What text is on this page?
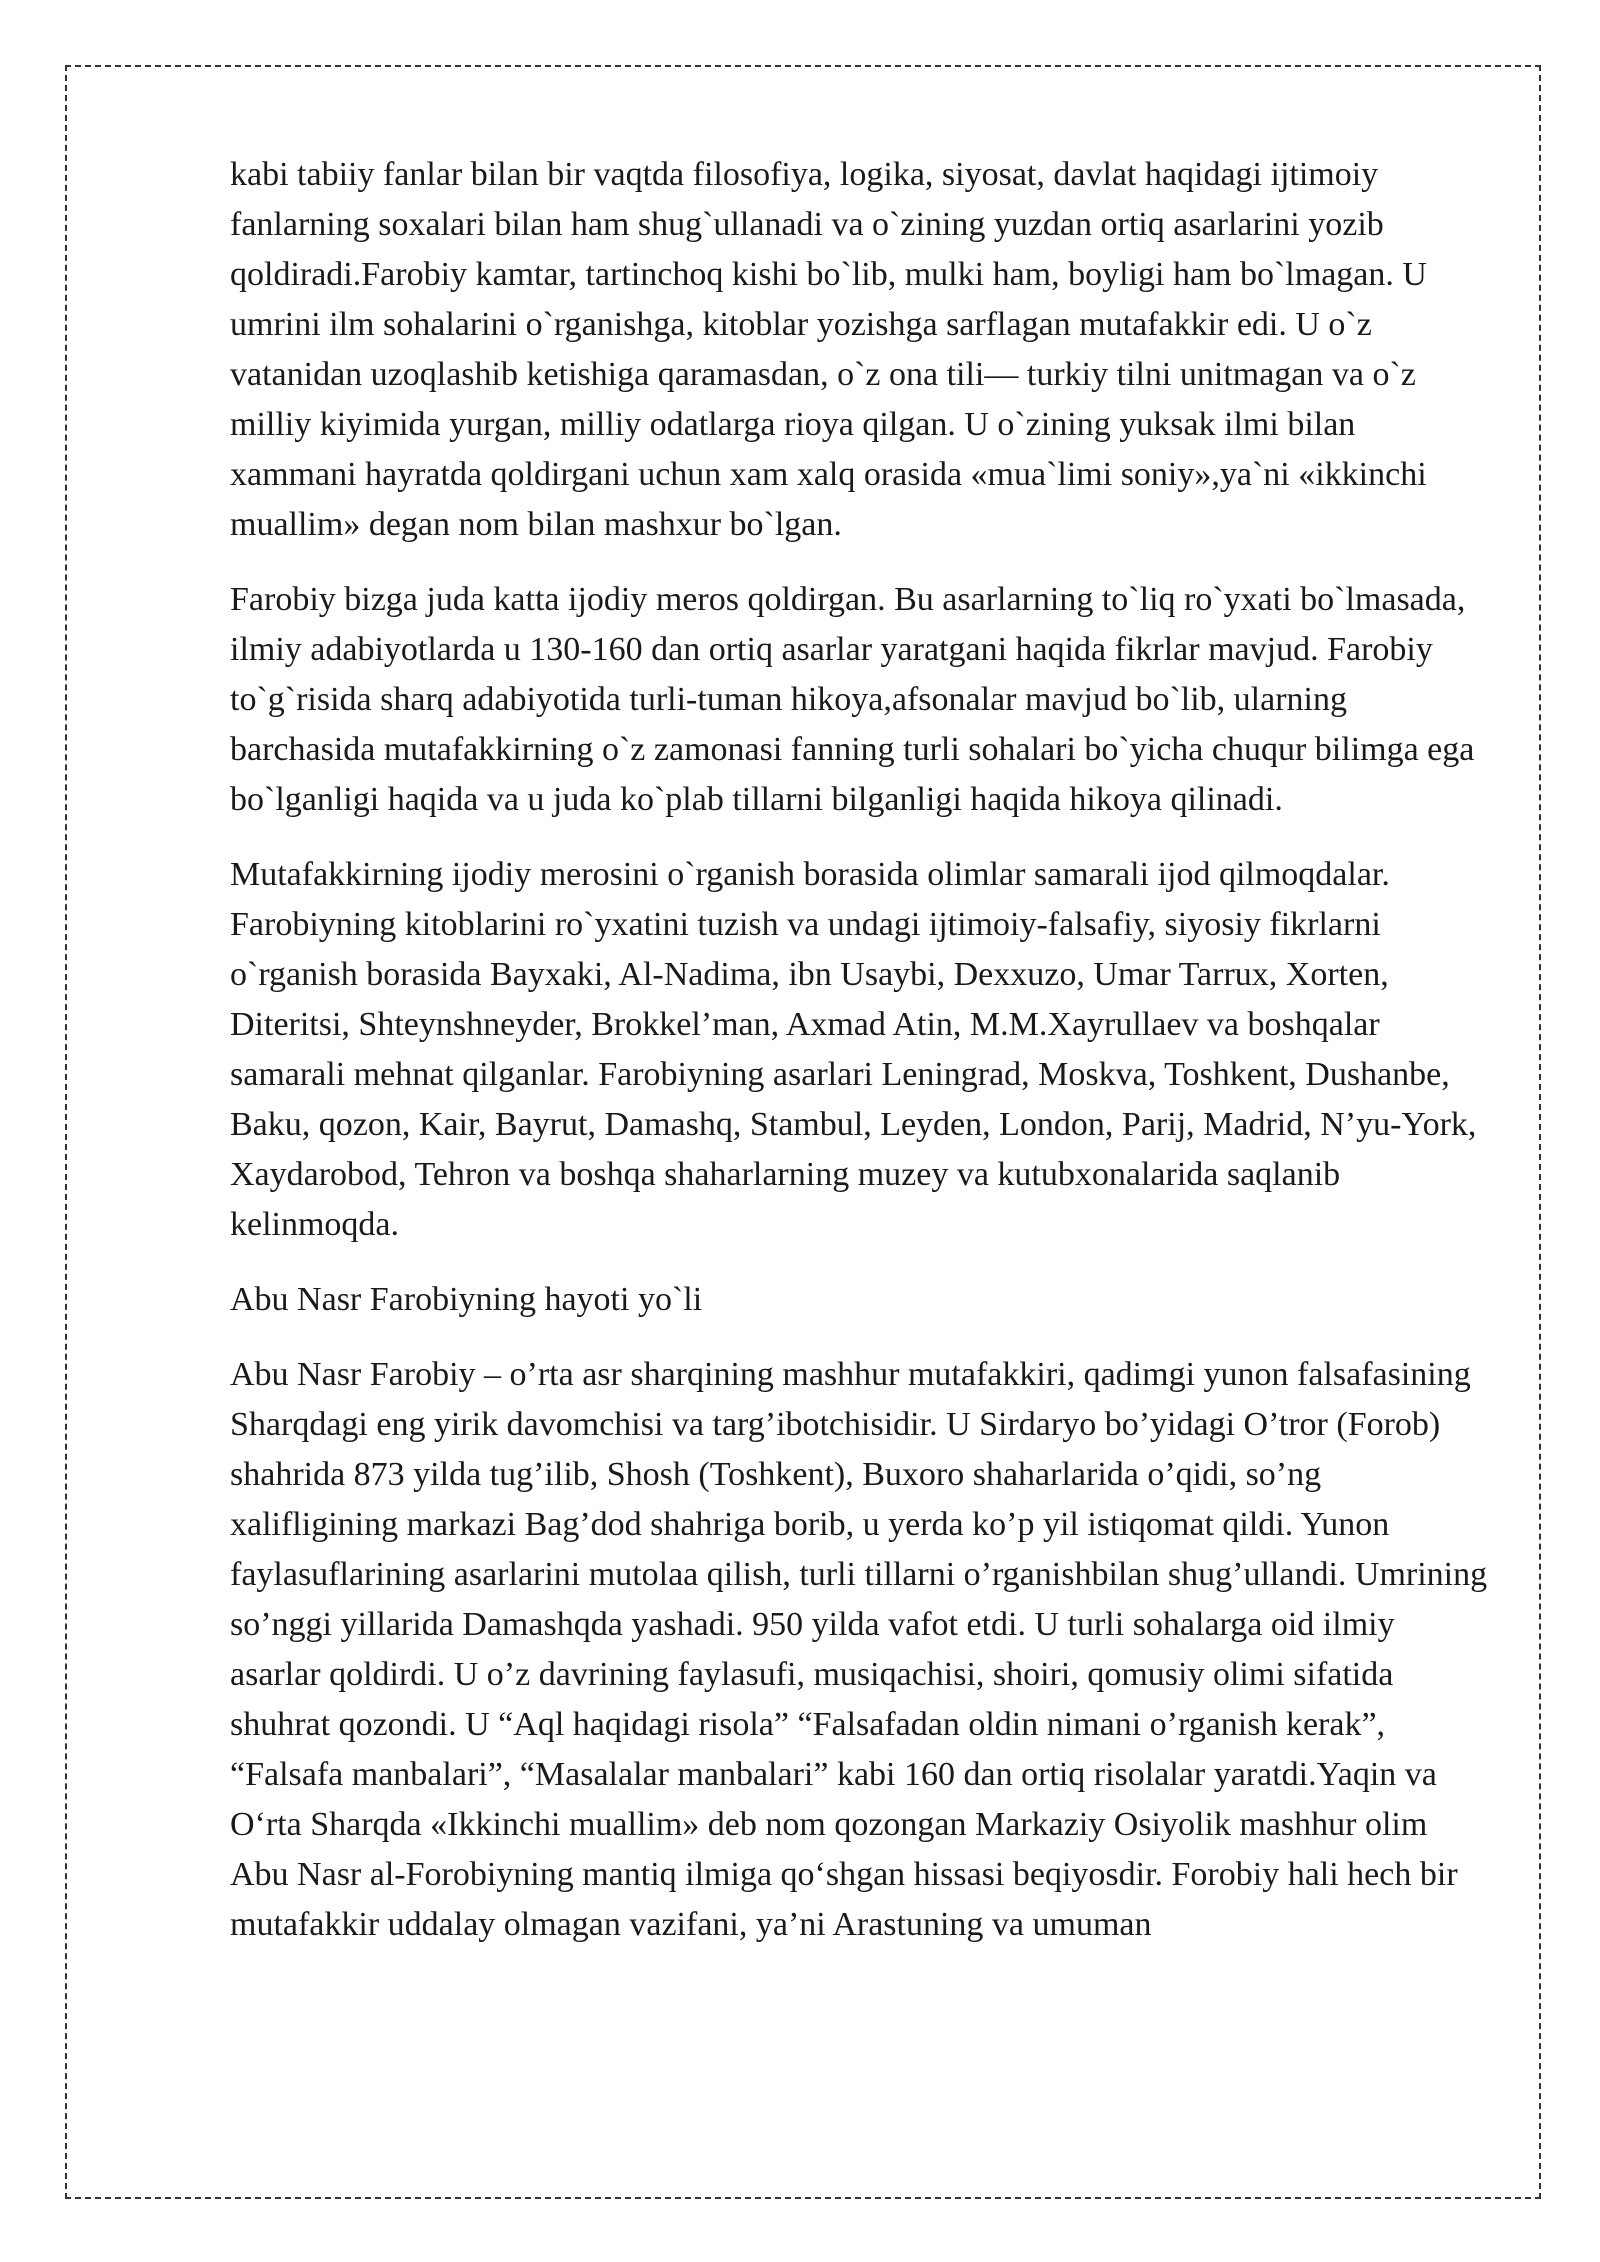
kabi tabiiy fanlar bilan bir vaqtda filosofiya, logika, siyosat, davlat haqidagi ijtimoiy fanlarning soxalari bilan ham shug`ullanadi va o`zining yuzdan ortiq asarlarini yozib qoldiradi.Farobiy kamtar, tartinchoq kishi bo`lib, mulki ham, boyligi ham bo`lmagan. U umrini ilm sohalarini o`rganishga, kitoblar yozishga sarflagan mutafakkir edi. U o`z vatanidan uzoqlashib ketishiga qaramasdan, o`z ona tili— turkiy tilni unitmagan va o`z milliy kiyimida yurgan, milliy odatlarga rioya qilgan. U o`zining yuksak ilmi bilan xammani hayratda qoldirgani uchun xam xalq orasida «mua`limi soniy»,ya`ni «ikkinchi muallim» degan nom bilan mashxur bo`lgan.

Farobiy bizga juda katta ijodiy meros qoldirgan. Bu asarlarning to`liq ro`yxati bo`lmasada, ilmiy adabiyotlarda u 130-160 dan ortiq asarlar yaratgani haqida fikrlar mavjud. Farobiy to`g`risida sharq adabiyotida turli-tuman hikoya,afsonalar mavjud bo`lib, ularning barchasida mutafakkirning o`z zamonasi fanning turli sohalari bo`yicha chuqur bilimga ega bo`lganligi haqida va u juda ko`plab tillarni bilganligi haqida hikoya qilinadi.

Mutafakkirning ijodiy merosini o`rganish borasida olimlar samarali ijod qilmoqdalar. Farobiyning kitoblarini ro`yxatini tuzish va undagi ijtimoiy-falsafiy, siyosiy fikrlarni o`rganish borasida Bayxaki, Al-Nadima, ibn Usaybi, Dexxuzo, Umar Tarrux, Xorten, Diteritsi, Shteynshneyder, Brokkel’man, Axmad Atin, M.M.Xayrullaev va boshqalar samarali mehnat qilganlar. Farobiyning asarlari Leningrad, Moskva, Toshkent, Dushanbe, Baku, qozon, Kair, Bayrut, Damashq, Stambul, Leyden, London, Parij, Madrid, N’yu-York, Xaydarobod, Tehron va boshqa shaharlarning muzey va kutubxonalarida saqlanib kelinmoqda.

Abu Nasr Farobiyning hayoti yo`li

Abu Nasr Farobiy – o’rta asr sharqining mashhur mutafakkiri, qadimgi yunon falsafasining Sharqdagi eng yirik davomchisi va targ’ibotchisidir. U Sirdaryo bo’yidagi O’tror (Forob) shahrida 873 yilda tug’ilib, Shosh (Toshkent), Buxoro shaharlarida o’qidi, so’ng xalifligining markazi Bag’dod shahriga borib, u yerda ko’p yil istiqomat qildi. Yunon faylasuflarining asarlarini mutolaa qilish, turli tillarni o’rganishbilan shug’ullandi. Umrining so’nggi yillarida Damashqda yashadi. 950 yilda vafot etdi. U turli sohalarga oid ilmiy asarlar qoldirdi. U o’z davrining faylasufi, musiqachisi, shoiri, qomusiy olimi sifatida shuhrat qozondi. U “Aql haqidagi risola” “Falsafadan oldin nimani o’rganish kerak”, “Falsafa manbalari”, “Masalalar manbalari” kabi 160 dan ortiq risolalar yaratdi.Yaqin va O‘rta Sharqda «Ikkinchi muallim» deb nom qozongan Markaziy Osiyolik mashhur olim Abu Nasr al-Forobiyning mantiq ilmiga qo‘shgan hissasi beqiyosdir. Forobiy hali hech bir mutafakkir uddalay olmagan vazifani, ya’ni Arastuning va umuman
